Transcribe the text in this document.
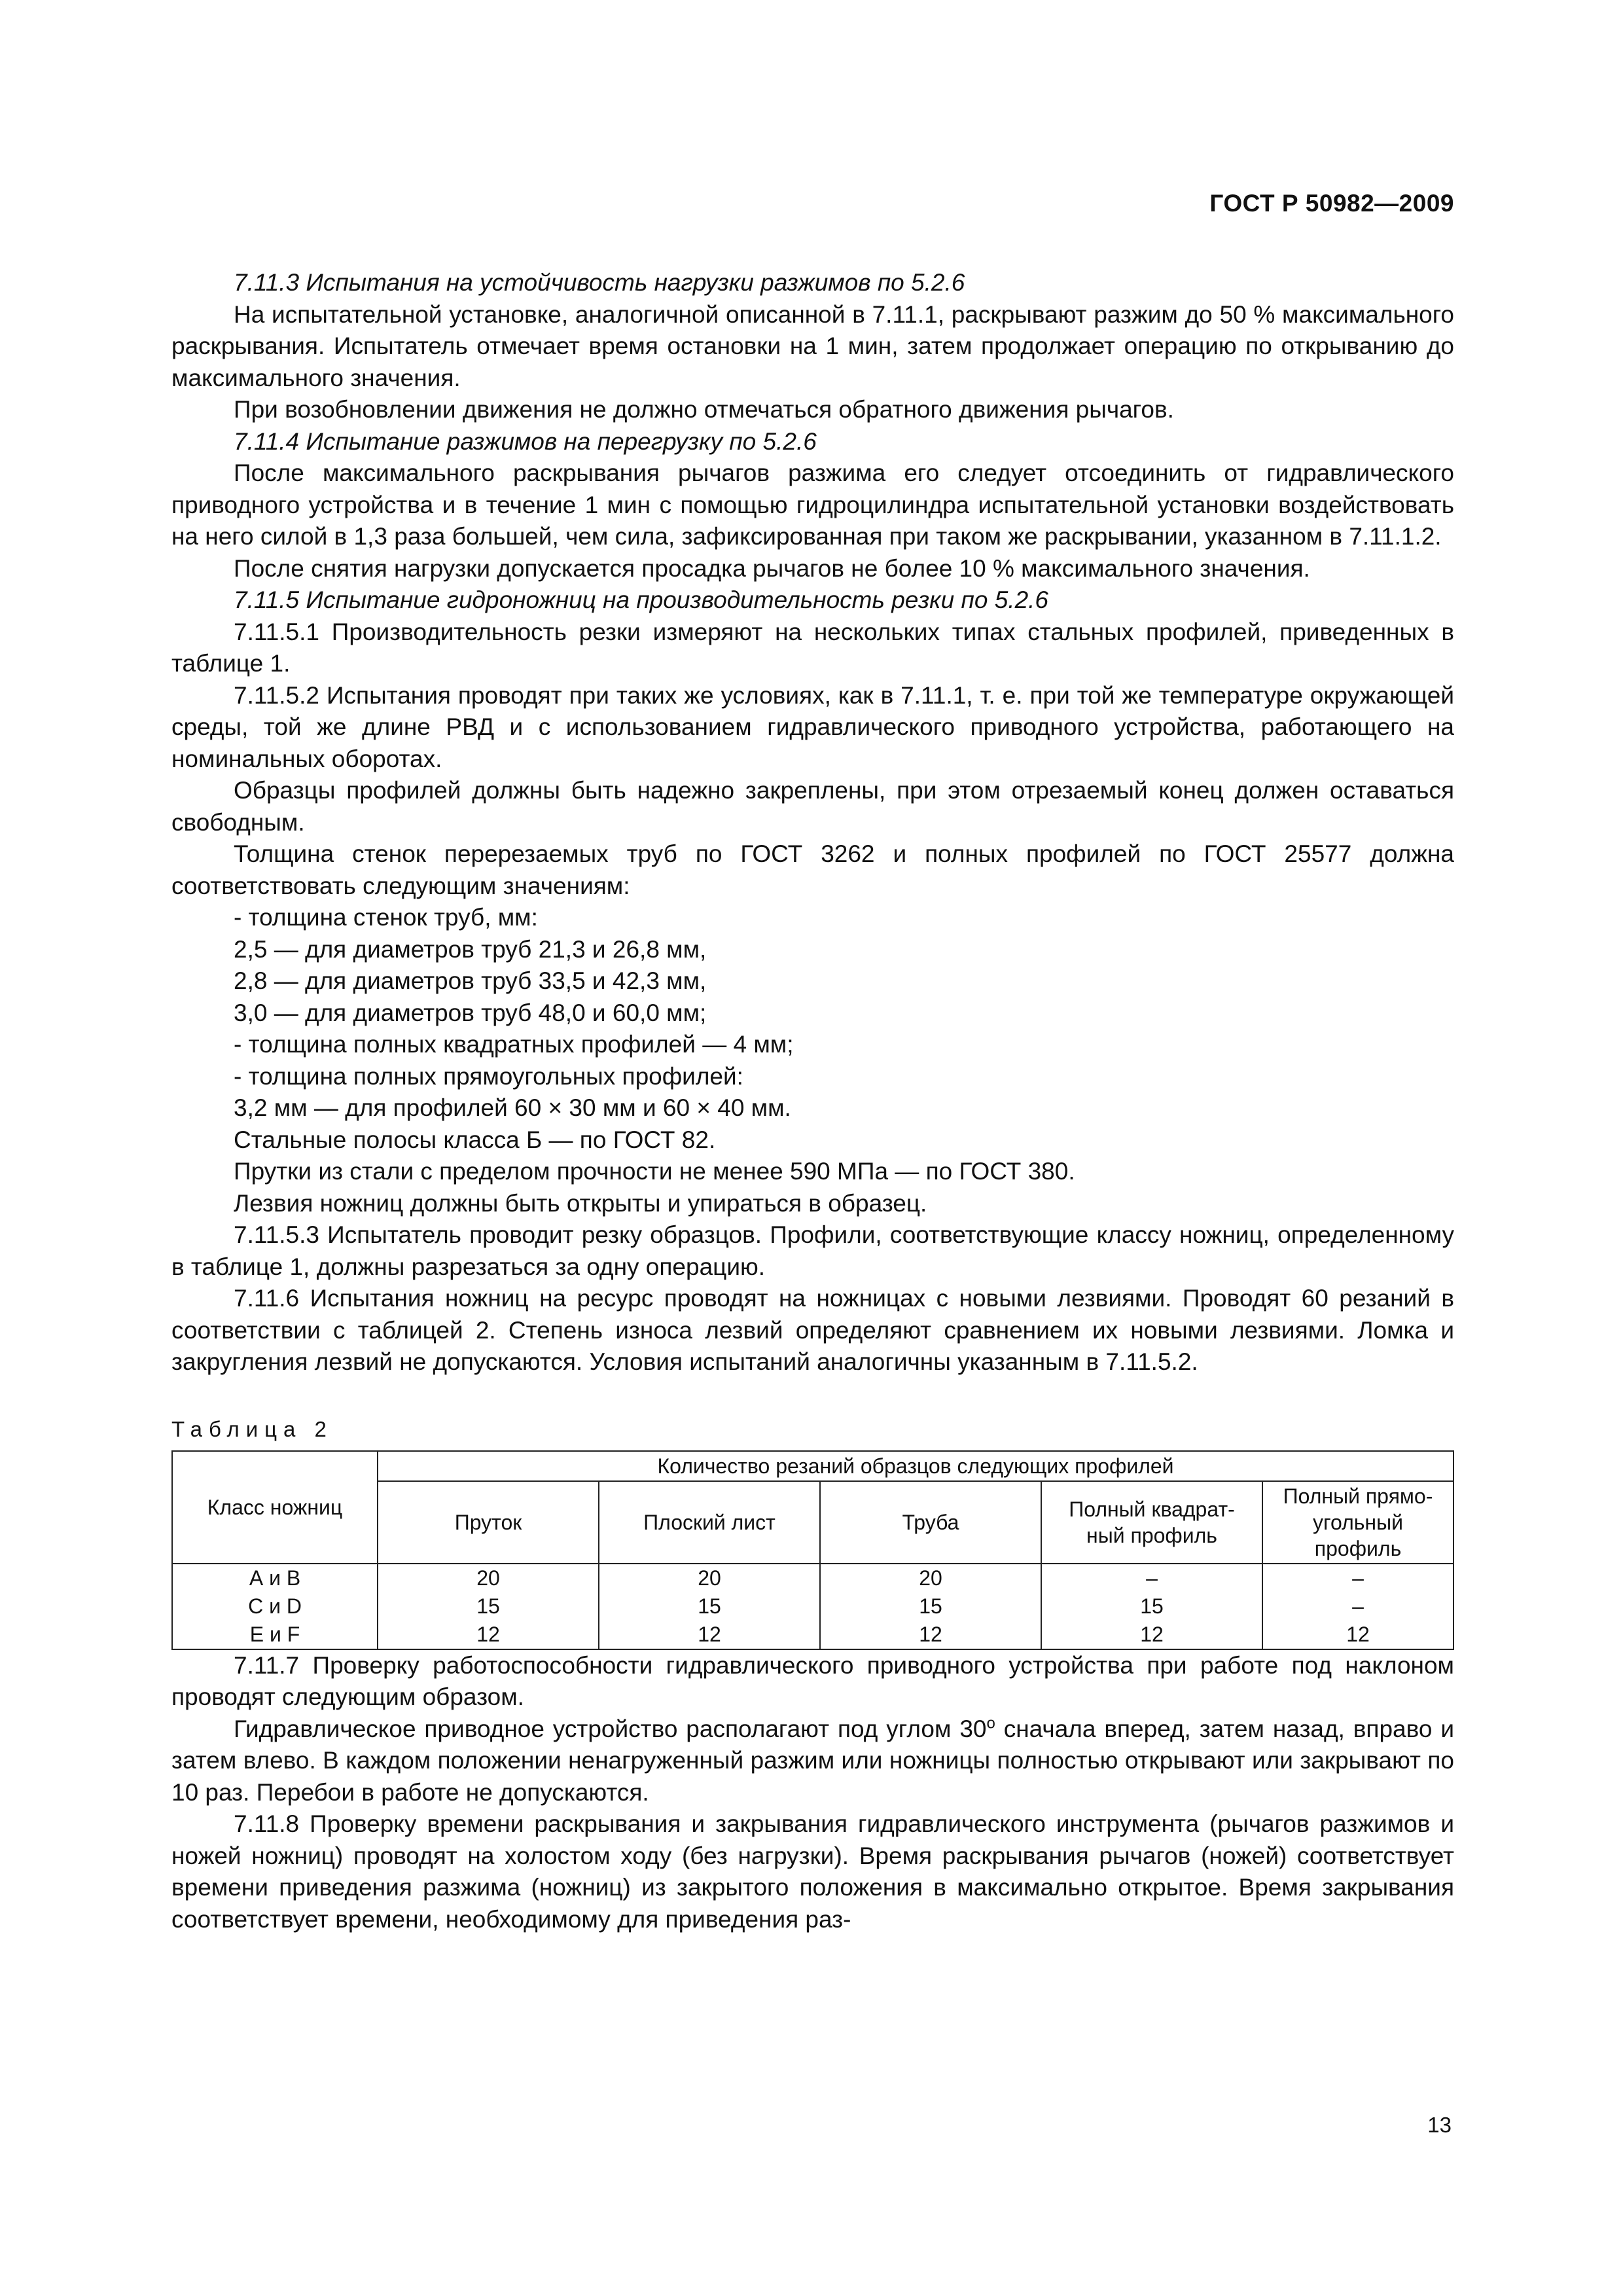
ГОСТ Р 50982—2009

7.11.3 Испытания на устойчивость нагрузки разжимов по 5.2.6

На испытательной установке, аналогичной описанной в 7.11.1, раскрывают разжим до 50 % максимального раскрывания. Испытатель отмечает время остановки на 1 мин, затем продолжает операцию по открыванию до максимального значения.

При возобновлении движения не должно отмечаться обратного движения рычагов.

7.11.4 Испытание разжимов на перегрузку по 5.2.6

После максимального раскрывания рычагов разжима его следует отсоединить от гидравлического приводного устройства и в течение 1 мин с помощью гидроцилиндра испытательной установки воздействовать на него силой в 1,3 раза большей, чем сила, зафиксированная при таком же раскрывании, указанном в 7.11.1.2.

После снятия нагрузки допускается просадка рычагов не более 10 % максимального значения.

7.11.5 Испытание гидроножниц на производительность резки по 5.2.6

7.11.5.1 Производительность резки измеряют на нескольких типах стальных профилей, приведенных в таблице 1.

7.11.5.2 Испытания проводят при таких же условиях, как в 7.11.1, т. е. при той же температуре окружающей среды, той же длине РВД и с использованием гидравлического приводного устройства, работающего на номинальных оборотах.

Образцы профилей должны быть надежно закреплены, при этом отрезаемый конец должен оставаться свободным.

Толщина стенок перерезаемых труб по ГОСТ 3262 и полных профилей по ГОСТ 25577 должна соответствовать следующим значениям:

- толщина стенок труб, мм:

2,5 — для диаметров труб 21,3 и 26,8 мм,

2,8 — для диаметров труб 33,5 и 42,3 мм,

3,0 — для диаметров труб 48,0 и 60,0 мм;

- толщина полных квадратных профилей — 4 мм;

- толщина полных прямоугольных профилей:

3,2 мм — для профилей 60 × 30 мм и 60 × 40 мм.

Стальные полосы класса Б — по ГОСТ 82.

Прутки из стали с пределом прочности не менее 590 МПа — по ГОСТ 380.

Лезвия ножниц должны быть открыты и упираться в образец.

7.11.5.3 Испытатель проводит резку образцов. Профили, соответствующие классу ножниц, определенному в таблице 1, должны разрезаться за одну операцию.

7.11.6 Испытания ножниц на ресурс проводят на ножницах с новыми лезвиями. Проводят 60 резаний в соответствии с таблицей 2. Степень износа лезвий определяют сравнением их новыми лезвиями. Ломка и закругления лезвий не допускаются. Условия испытаний аналогичны указанным в 7.11.5.2.

Таблица 2
Класс ножниц	Количество резаний образцов следующих профилей				
	Пруток	Плоский лист	Труба	Полный квадрат-
ный профиль	Полный прямо-
угольный профиль
А и В	20	20	20	–	–
С и D	15	15	15	15	–
Е и F	12	12	12	12	12

7.11.7 Проверку работоспособности гидравлического приводного устройства при работе под наклоном проводят следующим образом.

Гидравлическое приводное устройство располагают под углом $30^о$ сначала вперед, затем назад, вправо и затем влево. В каждом положении ненагруженный разжим или ножницы полностью открывают или закрывают по 10 раз. Перебои в работе не допускаются.

7.11.8 Проверку времени раскрывания и закрывания гидравлического инструмента (рычагов разжимов и ножей ножниц) проводят на холостом ходу (без нагрузки). Время раскрывания рычагов (ножей) соответствует времени приведения разжима (ножниц) из закрытого положения в максимально открытое. Время закрывания соответствует времени, необходимому для приведения раз-

13
